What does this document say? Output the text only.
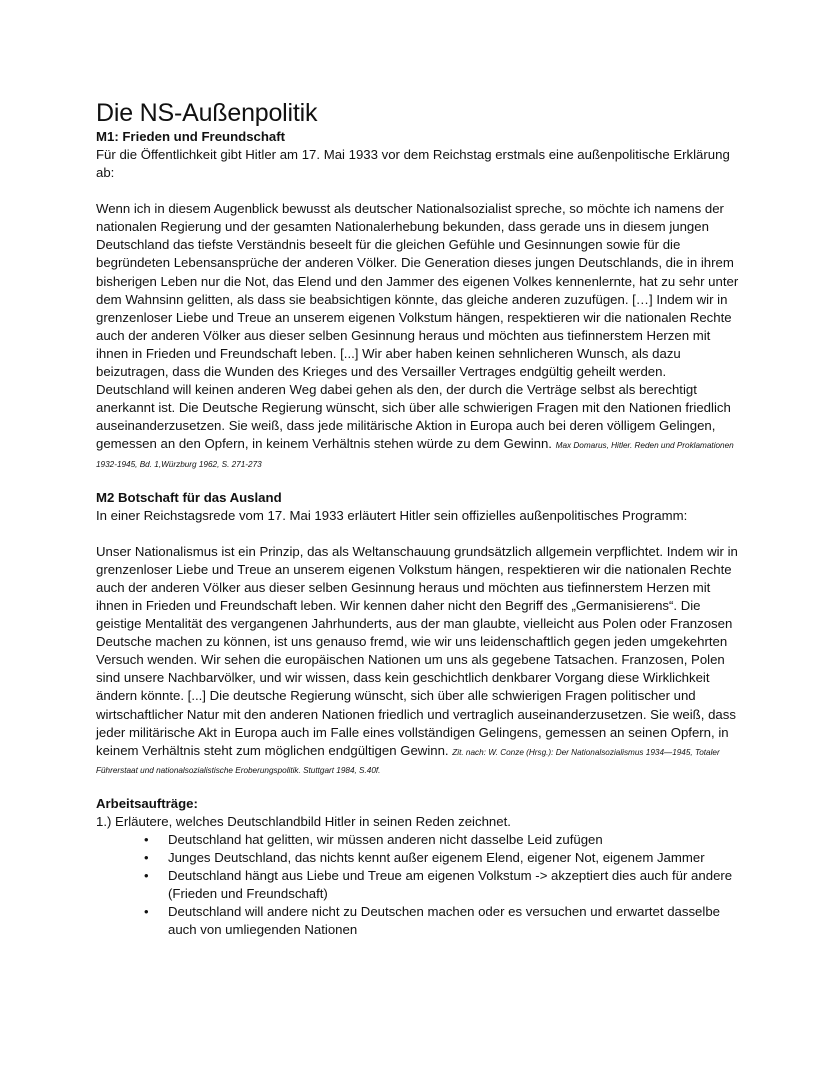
Die NS-Außenpolitik

M1: Frieden und Freundschaft

Für die Öffentlichkeit gibt Hitler am 17. Mai 1933 vor dem Reichstag erstmals eine außenpolitische Erklärung ab:

Wenn ich in diesem Augenblick bewusst als deutscher Nationalsozialist spreche, so möchte ich namens der nationalen Regierung und der gesamten Nationalerhebung bekunden, dass gerade uns in diesem jungen Deutschland das tiefste Verständnis beseelt für die gleichen Gefühle und Gesinnungen sowie für die begründeten Lebensansprüche der anderen Völker. Die Generation dieses jungen Deutschlands, die in ihrem bisherigen Leben nur die Not, das Elend und den Jammer des eigenen Volkes kennenlernte, hat zu sehr unter dem Wahnsinn gelitten, als dass sie beabsichtigen könnte, das gleiche anderen zuzufügen. […] Indem wir in grenzenloser Liebe und Treue an unserem eigenen Volkstum hängen, respektieren wir die nationalen Rechte auch der anderen Völker aus dieser selben Gesinnung heraus und möchten aus tiefinnerstem Herzen mit ihnen in Frieden und Freundschaft leben. [...] Wir aber haben keinen sehnlicheren Wunsch, als dazu beizutragen, dass die Wunden des Krieges und des Versailler Vertrages endgültig geheilt werden. Deutschland will keinen anderen Weg dabei gehen als den, der durch die Verträge selbst als berechtigt anerkannt ist. Die Deutsche Regierung wünscht, sich über alle schwierigen Fragen mit den Nationen friedlich auseinanderzusetzen. Sie weiß, dass jede militärische Aktion in Europa auch bei deren völligem Gelingen, gemessen an den Opfern, in keinem Verhältnis stehen würde zu dem Gewinn. Max Domarus, Hitler. Reden und Proklamationen 1932-1945, Bd. 1,Würzburg 1962, S. 271-273

M2 Botschaft für das Ausland

In einer Reichstagsrede vom 17. Mai 1933 erläutert Hitler sein offizielles außenpolitisches Programm:

Unser Nationalismus ist ein Prinzip, das als Weltanschauung grundsätzlich allgemein verpflichtet. Indem wir in grenzenloser Liebe und Treue an unserem eigenen Volkstum hängen, respektieren wir die nationalen Rechte auch der anderen Völker aus dieser selben Gesinnung heraus und möchten aus tiefinnerstem Herzen mit ihnen in Frieden und Freundschaft leben. Wir kennen daher nicht den Begriff des „Germanisierens“. Die geistige Mentalität des vergangenen Jahrhunderts, aus der man glaubte, vielleicht aus Polen oder Franzosen Deutsche machen zu können, ist uns genauso fremd, wie wir uns leidenschaftlich gegen jeden umgekehrten Versuch wenden. Wir sehen die europäischen Nationen um uns als gegebene Tatsachen. Franzosen, Polen sind unsere Nachbarvölker, und wir wissen, dass kein geschichtlich denkbarer Vorgang diese Wirklichkeit ändern könnte. [...] Die deutsche Regierung wünscht, sich über alle schwierigen Fragen politischer und wirtschaftlicher Natur mit den anderen Nationen friedlich und vertraglich auseinanderzusetzen. Sie weiß, dass jeder militärische Akt in Europa auch im Falle eines vollständigen Gelingens, gemessen an seinen Opfern, in keinem Verhältnis steht zum möglichen endgültigen Gewinn. Zit. nach: W. Conze (Hrsg.): Der Nationalsozialismus 1934—1945, Totaler Führerstaat und nationalsozialistische Eroberungspolitik. Stuttgart 1984, S.40f.

Arbeitsaufträge:

1.) Erläutere, welches Deutschlandbild Hitler in seinen Reden zeichnet.

• Deutschland hat gelitten, wir müssen anderen nicht dasselbe Leid zufügen
• Junges Deutschland, das nichts kennt außer eigenem Elend, eigener Not, eigenem Jammer
• Deutschland hängt aus Liebe und Treue am eigenen Volkstum -> akzeptiert dies auch für andere (Frieden und Freundschaft)
• Deutschland will andere nicht zu Deutschen machen oder es versuchen und erwartet dasselbe auch von umliegenden Nationen
